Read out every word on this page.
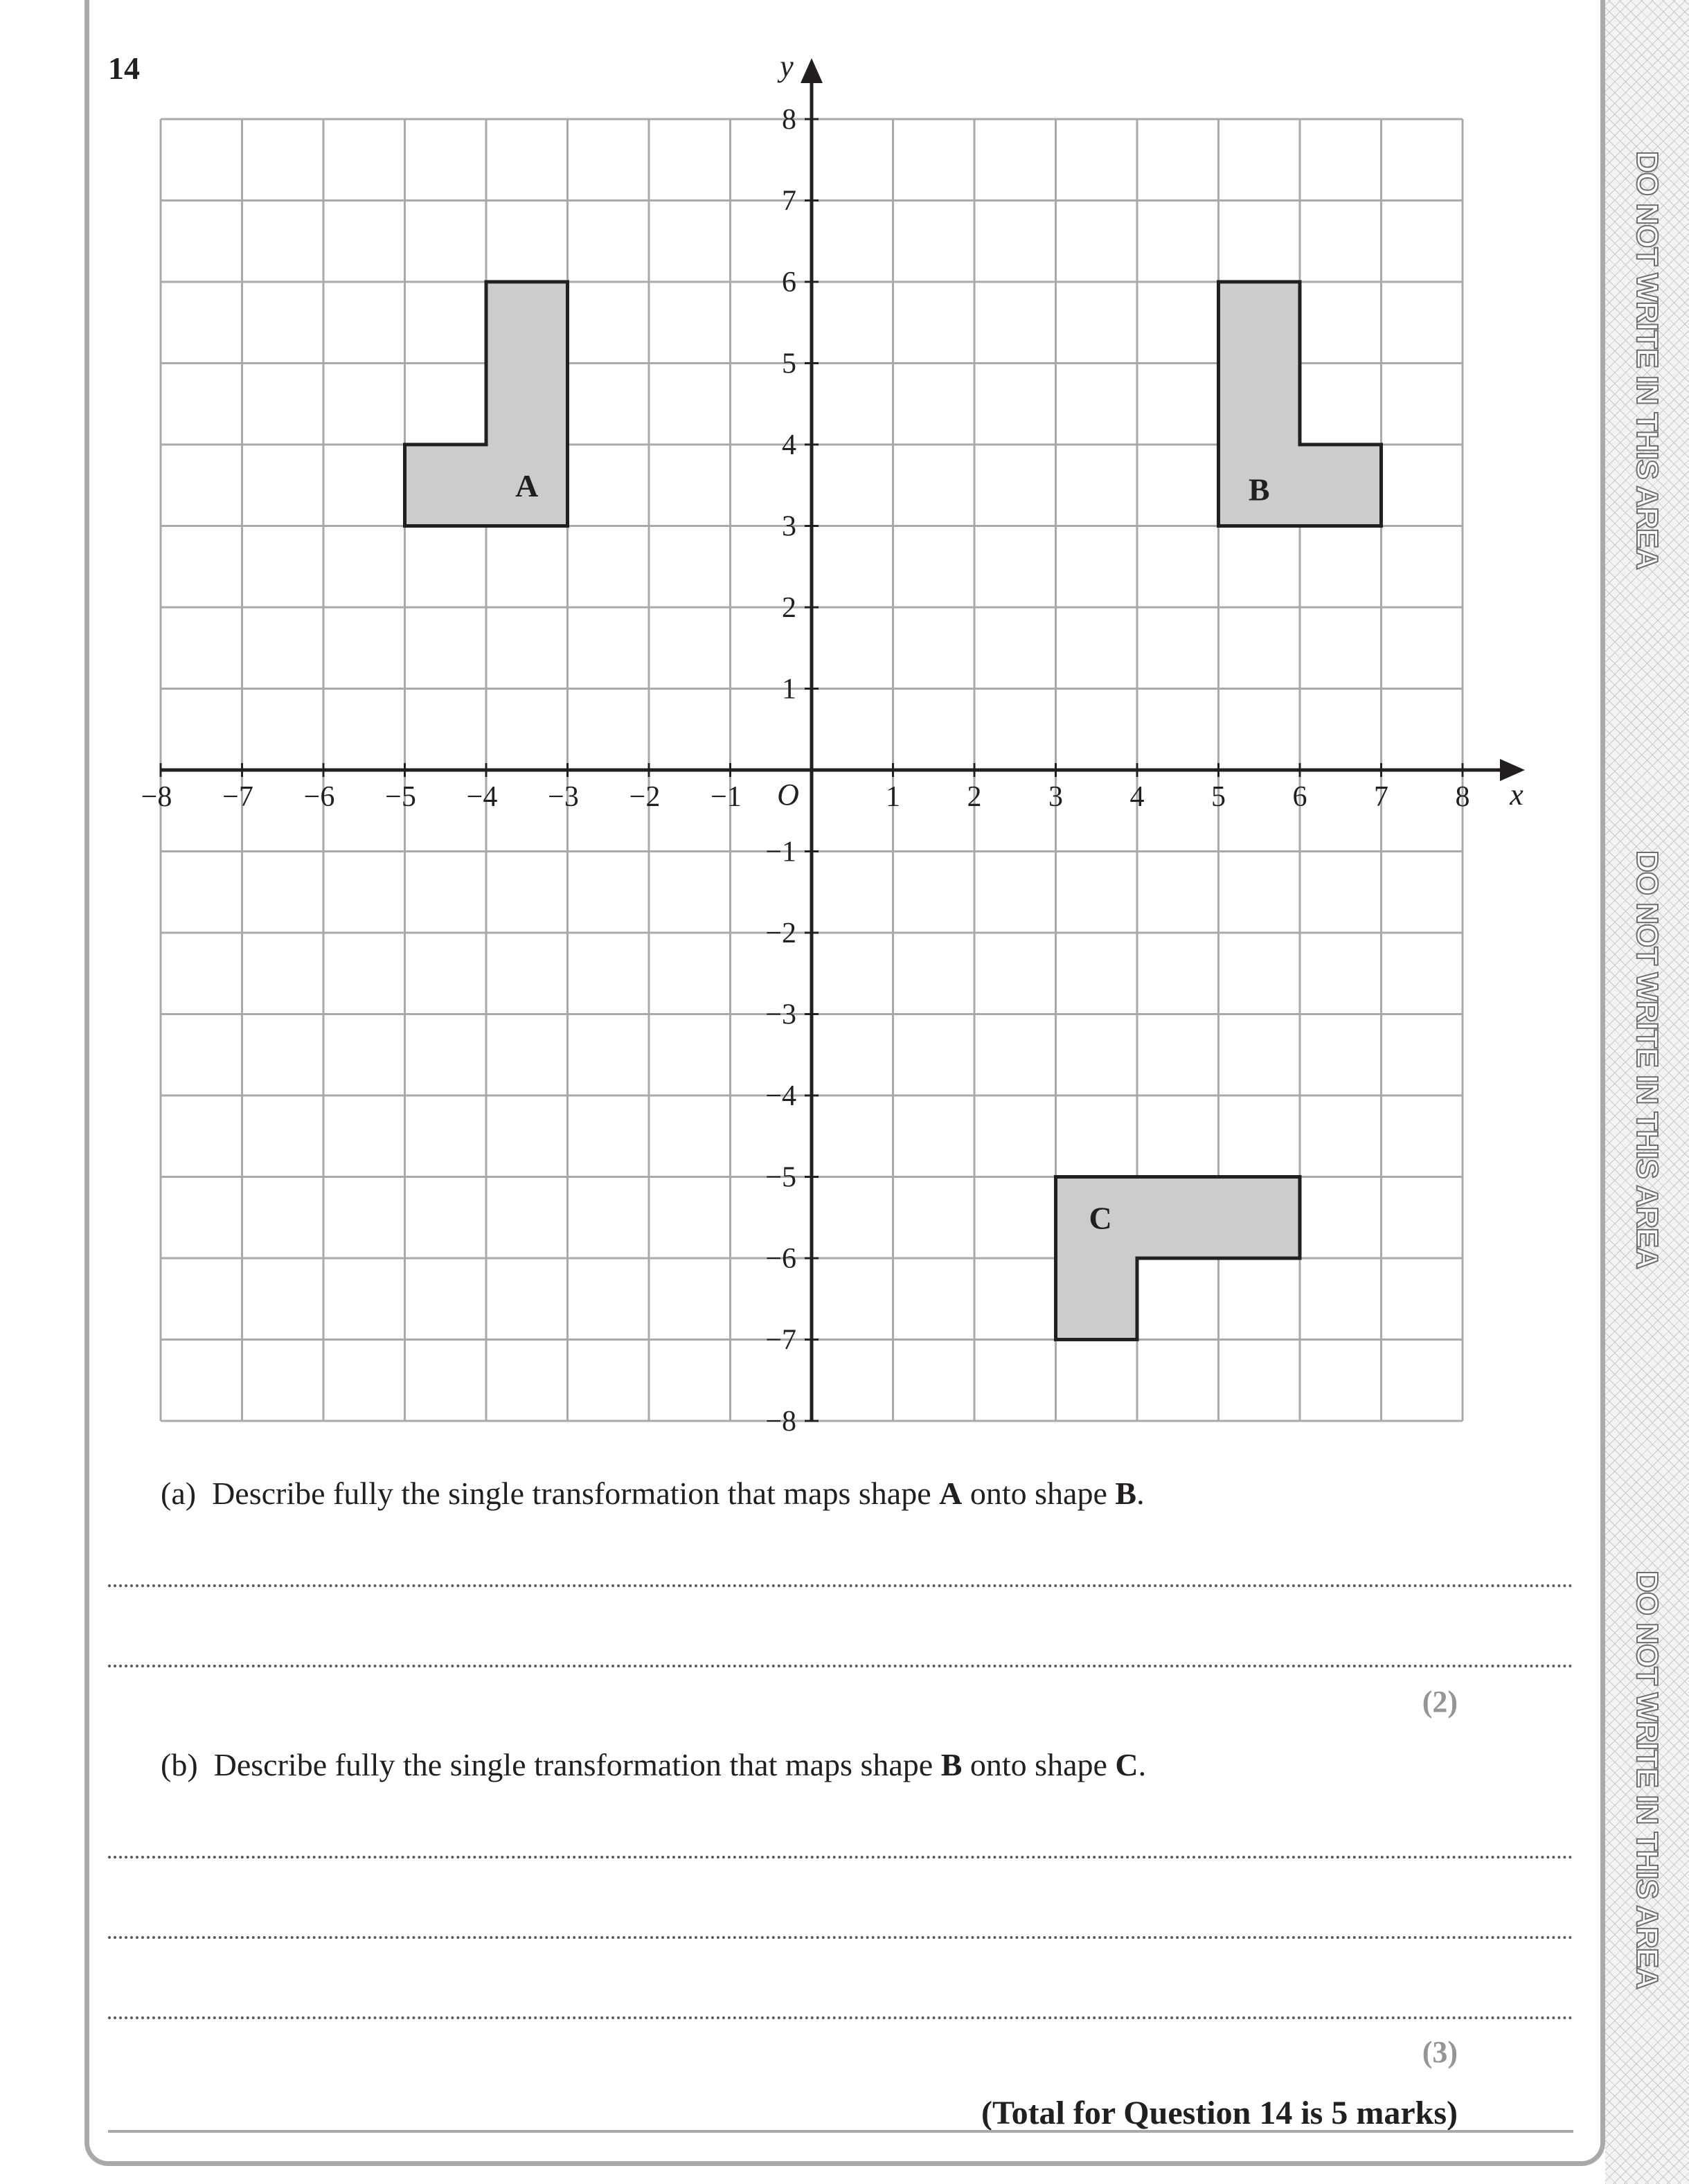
DO NOT WRITE IN THIS AREA
DO NOT WRITE IN THIS AREA
DO NOT WRITE IN THIS AREA
14
A	B
C
−8 −7 −6 −5 −4 −3 −2 −1	1 2 3 4 5 6 7 8
8
7
6
5
4
3
2
1
−1
−2
−3
−4
−5
−6
−7
−8
x
y
O
(a)  Describe fully the single transformation that maps shape A onto shape B.
(2)
(b)  Describe fully the single transformation that maps shape B onto shape C.
(3)
(Total for Question 14 is 5 marks)
